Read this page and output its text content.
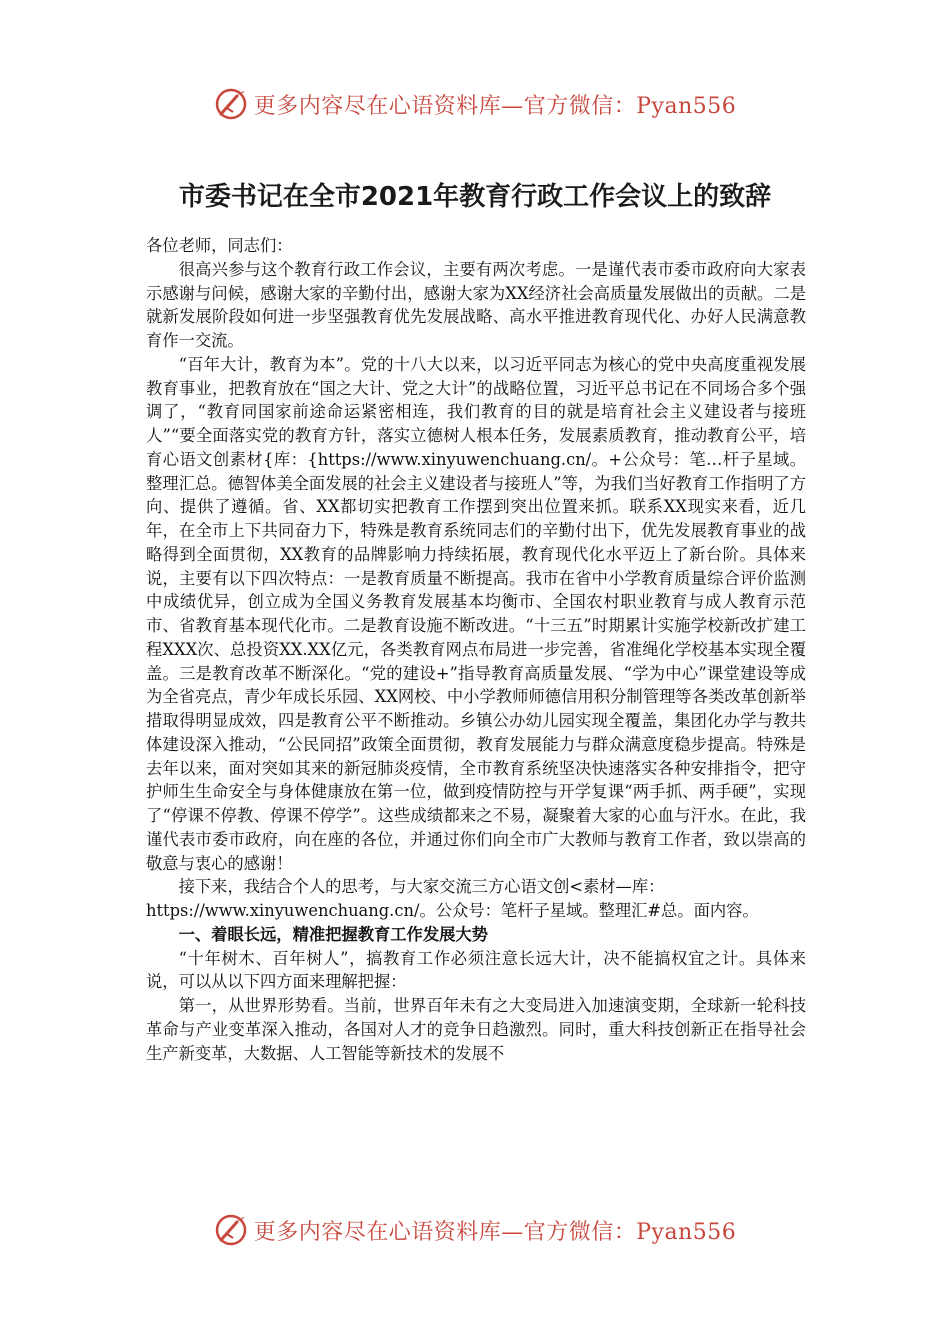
更多内容尽在心语资料库—官方微信：Pyan556
市委书记在全市2021年教育行政工作会议上的致辞

各位老师，同志们：

很高兴参与这个教育行政工作会议，主要有两次考虑。一是谨代表市委市政府向大家表示感谢与问候，感谢大家的辛勤付出，感谢大家为XX经济社会高质量发展做出的贡献。二是就新发展阶段如何进一步坚强教育优先发展战略、高水平推进教育现代化、办好人民满意教育作一交流。

“百年大计，教育为本”。党的十八大以来，以习近平同志为核心的党中央高度重视发展教育事业，把教育放在“国之大计、党之大计”的战略位置，习近平总书记在不同场合多个强调了，“教育同国家前途命运紧密相连，我们教育的目的就是培育社会主义建设者与接班人”“要全面落实党的教育方针，落实立德树人根本任务，发展素质教育，推动教育公平，培育心语文创素材{库：{https://www.xinyuwenchuang.cn/。+公众号：笔…杆子星域。整理汇总。德智体美全面发展的社会主义建设者与接班人”等，为我们当好教育工作指明了方向、提供了遵循。省、XX都切实把教育工作摆到突出位置来抓。联系XX现实来看，近几年，在全市上下共同奋力下，特殊是教育系统同志们的辛勤付出下，优先发展教育事业的战略得到全面贯彻，XX教育的品牌影响力持续拓展，教育现代化水平迈上了新台阶。具体来说，主要有以下四次特点：一是教育质量不断提高。我市在省中小学教育质量综合评价监测中成绩优异，创立成为全国义务教育发展基本均衡市、全国农村职业教育与成人教育示范市、省教育基本现代化市。二是教育设施不断改进。“十三五”时期累计实施学校新改扩建工程XXX次、总投资XX.XX亿元，各类教育网点布局进一步完善，省准绳化学校基本实现全覆盖。三是教育改革不断深化。“党的建设+”指导教育高质量发展、“学为中心”课堂建设等成为全省亮点，青少年成长乐园、XX网校、中小学教师师德信用积分制管理等各类改革创新举措取得明显成效，四是教育公平不断推动。乡镇公办幼儿园实现全覆盖，集团化办学与教共体建设深入推动，“公民同招”政策全面贯彻，教育发展能力与群众满意度稳步提高。特殊是去年以来，面对突如其来的新冠肺炎疫情，全市教育系统坚决快速落实各种安排指令，把守护师生生命安全与身体健康放在第一位，做到疫情防控与开学复课“两手抓、两手硬”，实现了“停课不停教、停课不停学”。这些成绩都来之不易，凝聚着大家的心血与汗水。在此，我谨代表市委市政府，向在座的各位，并通过你们向全市广大教师与教育工作者，致以崇高的敬意与衷心的感谢！

接下来，我结合个人的思考，与大家交流三方心语文创<素材—库：

https://www.xinyuwenchuang.cn/。公众号：笔杆子星域。整理汇#总。面内容。

一、着眼长远，精准把握教育工作发展大势

“十年树木、百年树人”，搞教育工作必须注意长远大计，决不能搞权宜之计。具体来说，可以从以下四方面来理解把握：

第一，从世界形势看。当前，世界百年未有之大变局进入加速演变期，全球新一轮科技革命与产业变革深入推动，各国对人才的竞争日趋激烈。同时，重大科技创新正在指导社会生产新变革，大数据、人工智能等新技术的发展不

更多内容尽在心语资料库—官方微信：Pyan556
